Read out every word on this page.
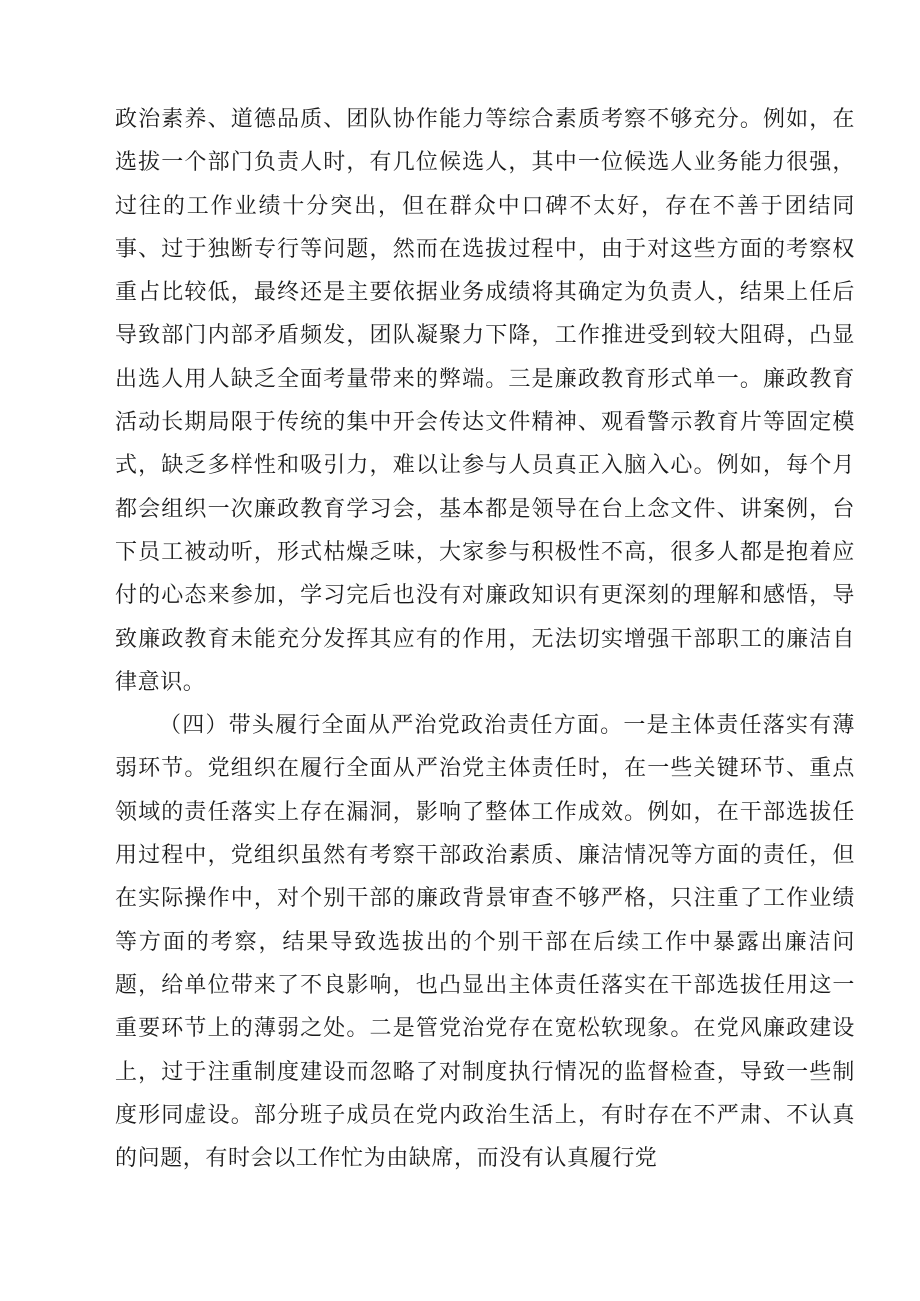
政治素养、道德品质、团队协作能力等综合素质考察不够充分。例如，在选拔一个部门负责人时，有几位候选人，其中一位候选人业务能力很强，过往的工作业绩十分突出，但在群众中口碑不太好，存在不善于团结同事、过于独断专行等问题，然而在选拔过程中，由于对这些方面的考察权重占比较低，最终还是主要依据业务成绩将其确定为负责人，结果上任后导致部门内部矛盾频发，团队凝聚力下降，工作推进受到较大阻碍，凸显出选人用人缺乏全面考量带来的弊端。三是廉政教育形式单一。廉政教育活动长期局限于传统的集中开会传达文件精神、观看警示教育片等固定模式，缺乏多样性和吸引力，难以让参与人员真正入脑入心。例如，每个月都会组织一次廉政教育学习会，基本都是领导在台上念文件、讲案例，台下员工被动听，形式枯燥乏味，大家参与积极性不高，很多人都是抱着应付的心态来参加，学习完后也没有对廉政知识有更深刻的理解和感悟，导致廉政教育未能充分发挥其应有的作用，无法切实增强干部职工的廉洁自律意识。

（四）带头履行全面从严治党政治责任方面。一是主体责任落实有薄弱环节。党组织在履行全面从严治党主体责任时，在一些关键环节、重点领域的责任落实上存在漏洞，影响了整体工作成效。例如，在干部选拔任用过程中，党组织虽然有考察干部政治素质、廉洁情况等方面的责任，但在实际操作中，对个别干部的廉政背景审查不够严格，只注重了工作业绩等方面的考察，结果导致选拔出的个别干部在后续工作中暴露出廉洁问题，给单位带来了不良影响，也凸显出主体责任落实在干部选拔任用这一重要环节上的薄弱之处。二是管党治党存在宽松软现象。在党风廉政建设上，过于注重制度建设而忽略了对制度执行情况的监督检查，导致一些制度形同虚设。部分班子成员在党内政治生活上，有时存在不严肃、不认真的问题，有时会以工作忙为由缺席，而没有认真履行党
